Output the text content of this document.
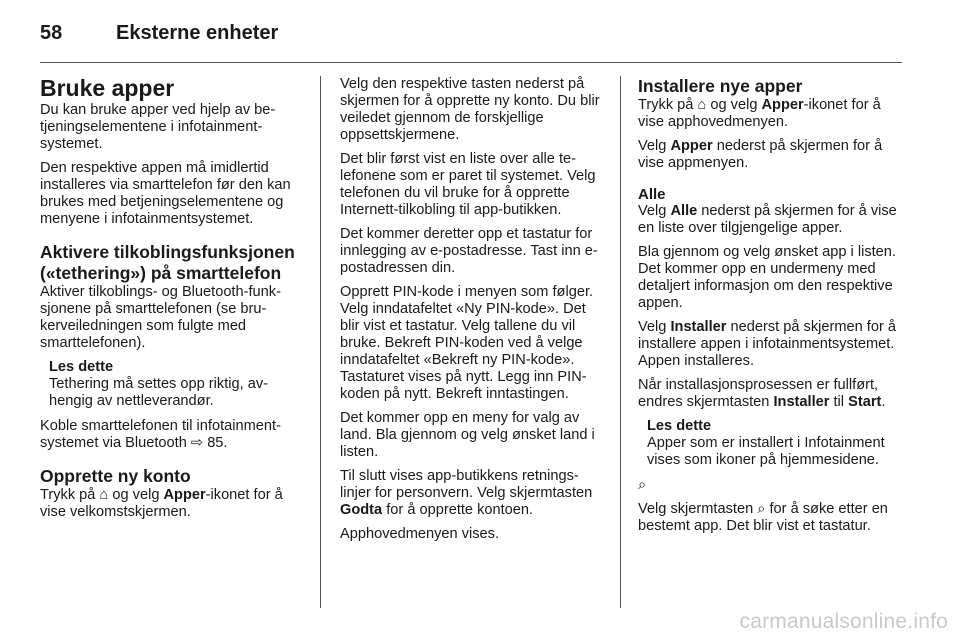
58	Eksterne enheter
Bruke apper

Du kan bruke apper ved hjelp av betjeningselementene i infotainmentsystemet.

Den respektive appen må imidlertid installeres via smarttelefon før den kan brukes med betjeningselementene og menyene i infotainmentsystemet.

Aktivere tilkoblingsfunksjonen («tethering») på smarttelefon

Aktiver tilkoblings- og Bluetooth-funksjonene på smarttelefonen (se brukerveiledningen som fulgte med smarttelefonen).

Les dette
Tethering må settes opp riktig, avhengig av nettleverandør.

Koble smarttelefonen til infotainmentsystemet via Bluetooth ⇨ 85.

Opprette ny konto

Trykk på ⌂ og velg Apper-ikonet for å vise velkomstskjermen.

Velg den respektive tasten nederst på skjermen for å opprette ny konto. Du blir veiledet gjennom de forskjellige oppsettskjermene.

Det blir først vist en liste over alle telefonene som er paret til systemet. Velg telefonen du vil bruke for å opprette Internett-tilkobling til app-butikken.

Det kommer deretter opp et tastatur for innlegging av e-postadresse. Tast inn e-postadressen din.

Opprett PIN-kode i menyen som følger. Velg inndatafeltet «Ny PIN-kode». Det blir vist et tastatur. Velg tallene du vil bruke. Bekreft PIN-koden ved å velge inndatafeltet «Bekreft ny PIN-kode». Tastaturet vises på nytt. Legg inn PIN-koden på nytt. Bekreft inntastingen.

Det kommer opp en meny for valg av land. Bla gjennom og velg ønsket land i listen.

Til slutt vises app-butikkens retningslinjer for personvern. Velg skjermtasten Godta for å opprette kontoen.

Apphovedmenyen vises.

Installere nye apper

Trykk på ⌂ og velg Apper-ikonet for å vise apphovedmenyen.

Velg Apper nederst på skjermen for å vise appmenyen.

Alle

Velg Alle nederst på skjermen for å vise en liste over tilgjengelige apper.

Bla gjennom og velg ønsket app i listen. Det kommer opp en undermeny med detaljert informasjon om den respektive appen.

Velg Installer nederst på skjermen for å installere appen i infotainmentsystemet. Appen installeres.

Når installasjonsprosessen er fullført, endres skjermtasten Installer til Start.

Les dette
Apper som er installert i Infotainment vises som ikoner på hjemmesidene.

⌕

Velg skjermtasten ⌕ for å søke etter en bestemt app. Det blir vist et tastatur.

carmanualsonline.info
